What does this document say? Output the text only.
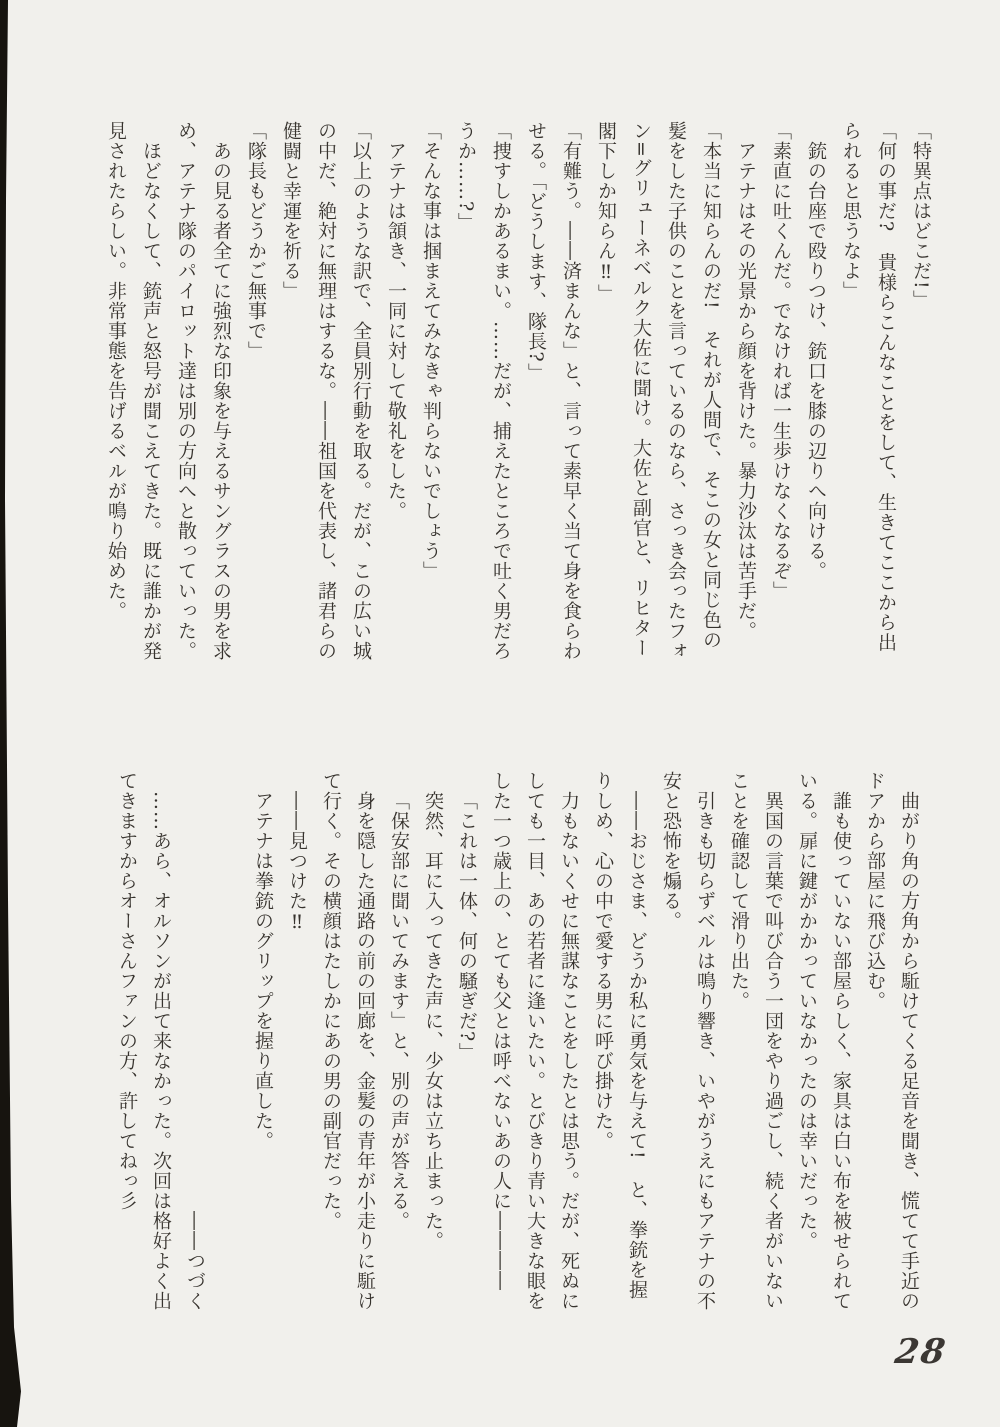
「特異点はどこだ!」

「何の事だ?　貴様らこんなことをして、生きてここから出

られると思うなよ」

銃の台座で殴りつけ、銃口を膝の辺りへ向ける。

「素直に吐くんだ。でなければ一生歩けなくなるぞ」

アテナはその光景から顔を背けた。暴力沙汰は苦手だ。

「本当に知らんのだ!　それが人間で、そこの女と同じ色の

髪をした子供のことを言っているのなら、さっき会ったフォ

ン=グリューネベルク大佐に聞け。大佐と副官と、リヒター

閣下しか知らん‼」

「有難う。――済まんな」と、言って素早く当て身を食らわ

せる。「どうします、隊長?」

「捜すしかあるまい。……だが、捕えたところで吐く男だろ

うか……?」

「そんな事は掴まえてみなきゃ判らないでしょう」

アテナは頷き、一同に対して敬礼をした。

「以上のような訳で、全員別行動を取る。だが、この広い城

の中だ、絶対に無理はするな。――祖国を代表し、諸君らの

健闘と幸運を祈る」

「隊長もどうかご無事で」

あの見る者全てに強烈な印象を与えるサングラスの男を求

め、アテナ隊のパイロット達は別の方向へと散っていった。

ほどなくして、銃声と怒号が聞こえてきた。既に誰かが発

見されたらしい。非常事態を告げるベルが鳴り始めた。

曲がり角の方角から駈けてくる足音を聞き、慌てて手近の

ドアから部屋に飛び込む。

誰も使っていない部屋らしく、家具は白い布を被せられて

いる。扉に鍵がかかっていなかったのは幸いだった。

異国の言葉で叫び合う一団をやり過ごし、続く者がいない

ことを確認して滑り出た。

引きも切らずベルは鳴り響き、いやがうえにもアテナの不

安と恐怖を煽る。

――おじさま、どうか私に勇気を与えて!　と、拳銃を握

りしめ、心の中で愛する男に呼び掛けた。

力もないくせに無謀なことをしたとは思う。だが、死ぬに

しても一目、あの若者に逢いたい。とびきり青い大きな眼を

した一つ歳上の、とても父とは呼べないあの人に――――

「これは一体、何の騒ぎだ?」

突然、耳に入ってきた声に、少女は立ち止まった。

「保安部に聞いてみます」と、別の声が答える。

身を隠した通路の前の回廊を、金髪の青年が小走りに駈け

て行く。その横顔はたしかにあの男の副官だった。

――見つけた‼

アテナは拳銃のグリップを握り直した。

――つづく

……あら、オルソンが出て来なかった。次回は格好よく出

てきますからオーさんファンの方、許してねっ彡

28
